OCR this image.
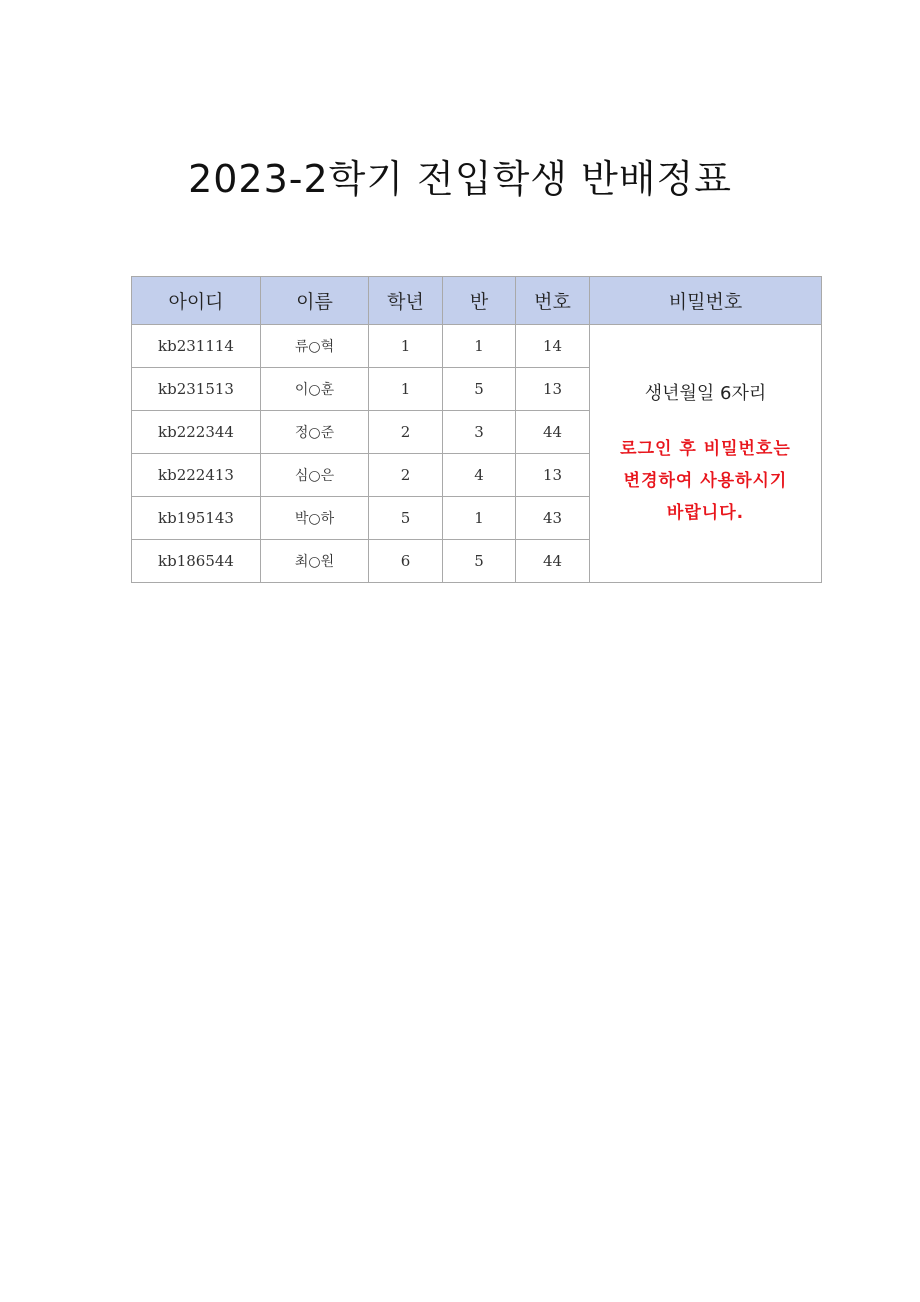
2023-2학기 전입학생 반배정표
아이디	이름	학년	반	번호	비밀번호
kb231114	류○혁	1	1	14	생년월일 6자리
로그인 후 비밀번호는
변경하여 사용하시기
바랍니다.

kb231513	이○훈	1	5	13	
kb222344	정○준	2	3	44	
kb222413	심○은	2	4	13	
kb195143	박○하	5	1	43	
kb186544	최○원	6	5	44	
